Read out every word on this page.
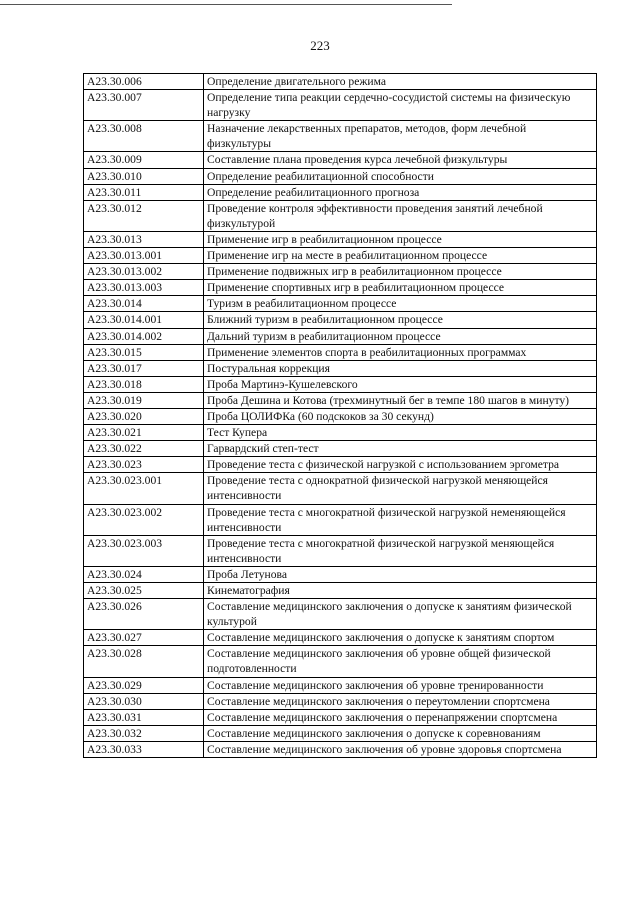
223
A23.30.006	Определение двигательного режима
A23.30.007	Определение типа реакции сердечно-сосудистой системы на физическую нагрузку
A23.30.008	Назначение лекарственных препаратов, методов, форм лечебной физкультуры
A23.30.009	Составление плана проведения курса лечебной физкультуры
A23.30.010	Определение реабилитационной способности
A23.30.011	Определение реабилитационного прогноза
A23.30.012	Проведение контроля эффективности проведения занятий лечебной физкультурой
A23.30.013	Применение игр в реабилитационном процессе
A23.30.013.001	Применение игр на месте в реабилитационном процессе
A23.30.013.002	Применение подвижных игр в реабилитационном процессе
A23.30.013.003	Применение спортивных игр в реабилитационном процессе
A23.30.014	Туризм в реабилитационном процессе
A23.30.014.001	Ближний туризм в реабилитационном процессе
A23.30.014.002	Дальний туризм в реабилитационном процессе
A23.30.015	Применение элементов спорта в реабилитационных программах
A23.30.017	Постуральная коррекция
A23.30.018	Проба Мартинэ-Кушелевского
A23.30.019	Проба Дешина и Котова (трехминутный бег в темпе 180 шагов в минуту)
A23.30.020	Проба ЦОЛИФКа (60 подскоков за 30 секунд)
A23.30.021	Тест Купера
A23.30.022	Гарвардский степ-тест
A23.30.023	Проведение теста с физической нагрузкой с использованием эргометра
A23.30.023.001	Проведение теста с однократной физической нагрузкой меняющейся интенсивности
A23.30.023.002	Проведение теста с многократной физической нагрузкой неменяющейся интенсивности
A23.30.023.003	Проведение теста с многократной физической нагрузкой меняющейся интенсивности
A23.30.024	Проба Летунова
A23.30.025	Кинематография
A23.30.026	Составление медицинского заключения о допуске к занятиям физической культурой
A23.30.027	Составление медицинского заключения о допуске к занятиям спортом
A23.30.028	Составление медицинского заключения об уровне общей физической подготовленности
A23.30.029	Составление медицинского заключения об уровне тренированности
A23.30.030	Составление медицинского заключения о переутомлении спортсмена
A23.30.031	Составление медицинского заключения о перенапряжении спортсмена
A23.30.032	Составление медицинского заключения о допуске к соревнованиям
A23.30.033	Составление медицинского заключения об уровне здоровья спортсмена
